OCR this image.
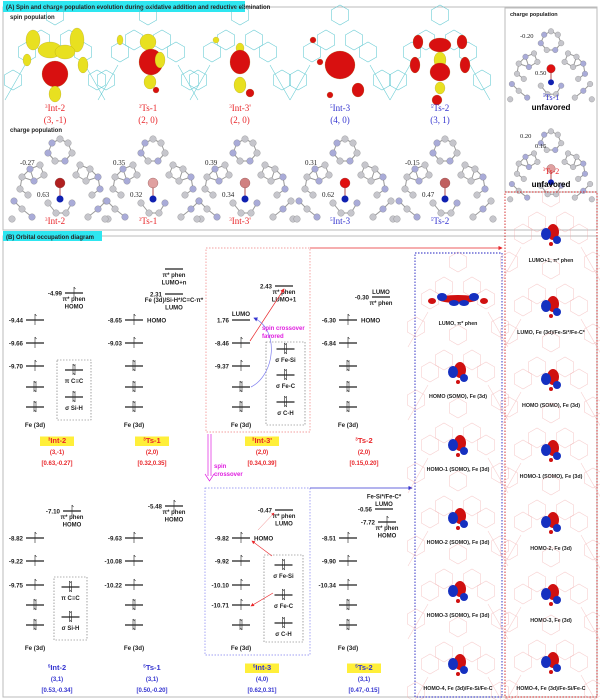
(A) Spin and charge population evolution during oxidative addition and reductive elimination
spin population
charge population
$^3$Int-2
(3, -1)
$^3$Ts-1
(2, 0)
$^3$Int-3'
(2, 0)
$^5$Int-3
(4, 0)
$^5$Ts-2
(3, 1)
-0.27
0.63
$^3$Int-2
0.35
0.32
$^3$Ts-1
0.39
0.34
$^3$Int-3'
0.31
0.62
$^5$Int-3
-0.15
0.47
$^5$Ts-2
charge population
-0.20
0.50
$^5$Ts-1
unfavored
0.20
0.15
$^3$Ts-2
unfavored
(B) Orbital occupation diagram
-9.44
-9.66
-9.70
Fe (3d)
-4.99
π* phen
HOMO
π C≡C
σ Si-H
$^3$Int-2
(3,-1)
[0.63,-0.27]
-8.65	HOMO
-9.03
Fe (3d)
π* phen
LUMO+n
2.31
Fe (3d)/Si-H*/C=C-π*
LUMO
$^3$Ts-1
(2,0)
[0.32,0.35]
1.76
LUMO
-8.46
-9.37
Fe (3d)
2.43
π* phen
LUMO+1
σ Fe-Si
σ Fe-C
σ C-H
$^3$Int-3'
(2,0)
[0.34,0.39]
-6.30	HOMO
-6.84
Fe (3d)
-0.30
LUMO
π* phen
$^3$Ts-2
(2,0)
[0.15,0.20]
-8.82
-9.22
-9.75
Fe (3d)
-7.10
π* phen
HOMO
π C≡C
σ Si-H
$^5$Int-2
(3,1)
[0.53,-0.34]
-9.63
-10.08
-10.22
Fe (3d)
-5.48
π* phen
HOMO
$^5$Ts-1
(3,1)
[0.50,-0.20]
-9.82	HOMO
-9.92
-10.10
-10.71
Fe (3d)
-0.47
π* phen
LUMO
σ Fe-Si
σ Fe-C
σ C-H
$^5$Int-3
(4,0)
[0.62,0.31]
-8.51
-9.90
-10.34
Fe (3d)
-0.56
Fe-Si*/Fe-C*
LUMO
-7.72
π* phen
HOMO
$^5$Ts-2
(3,1)
[0.47,-0.15]
spin crossover
favored
spin
crossover
LUMO, π* phen
HOMO (SOMO), Fe (3d)
HOMO-1 (SOMO), Fe (3d)
HOMO-2 (SOMO), Fe (3d)
HOMO-3 (SOMO), Fe (3d)
HOMO-4, Fe (3d)/Fe-Si/Fe-C
LUMO+1, π* phen
LUMO, Fe (3d)/Fe-Si*/Fe-C*
HOMO (SOMO), Fe (3d)
HOMO-1 (SOMO), Fe (3d)
HOMO-2, Fe (3d)
HOMO-3, Fe (3d)
HOMO-4, Fe (3d)/Fe-Si/Fe-C
